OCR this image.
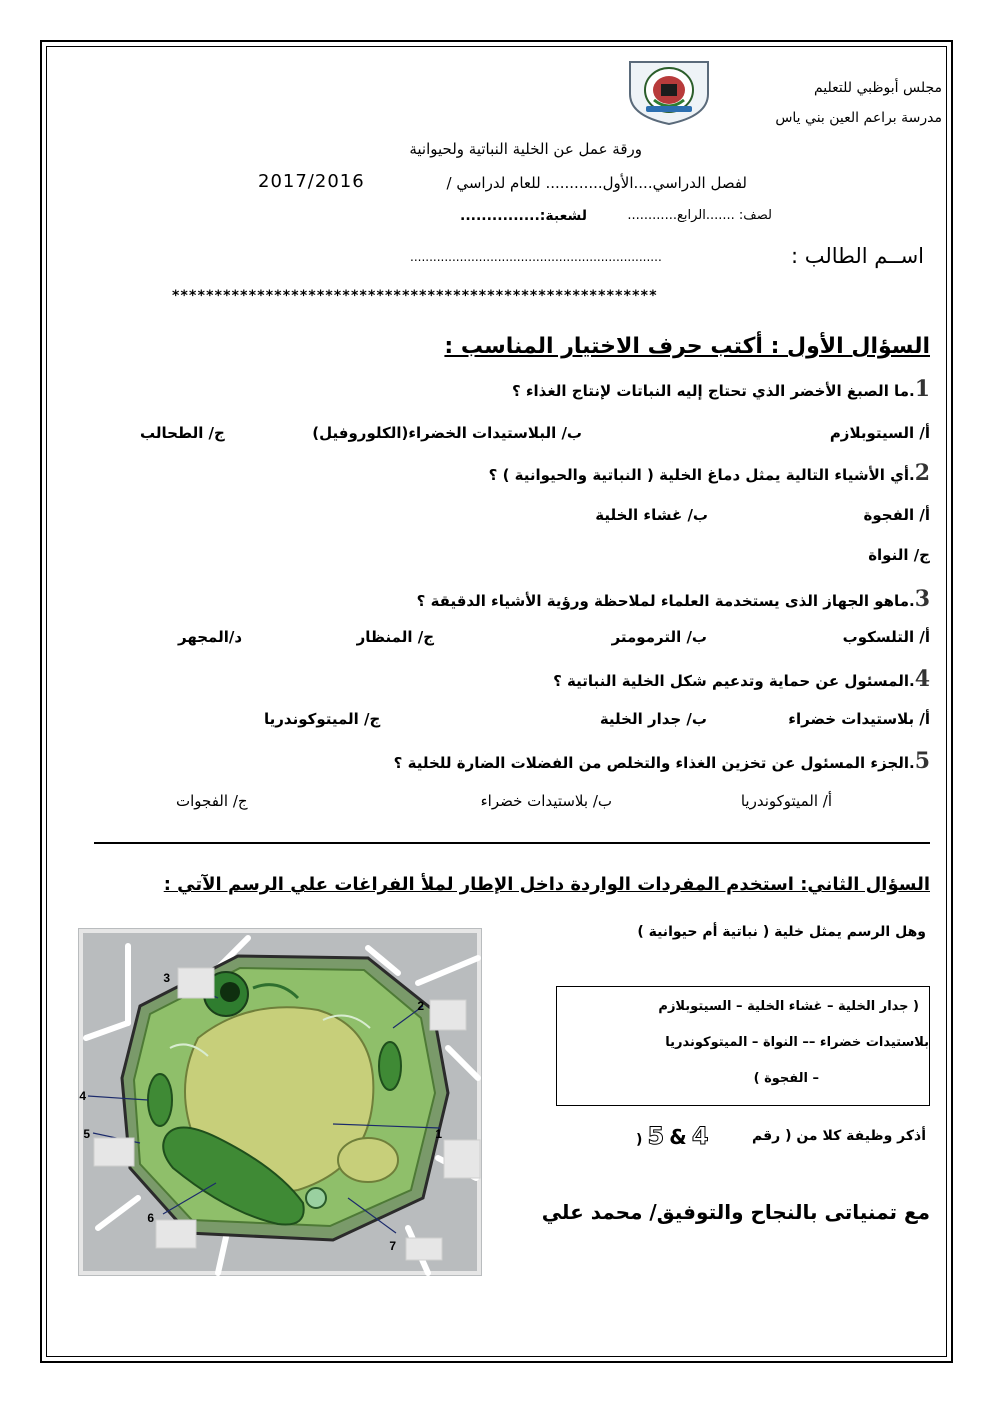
مجلس أبوظبي للتعليم
مدرسة براعم العين بني ياس
ورقة عمل عن الخلية النباتية ولحيوانية
لفصل الدراسي....الأول............ للعام لدراسي /
2017/2016
لصف: .......الرابع............
لشعبة:...............
اســم الطالب :
..................................................................
*********************************************************
السؤال الأول : أكتب حرف الاختيار المناسب :
1.ما الصبغ الأخضر الذي تحتاج إليه النباتات لإنتاج الغذاء ؟
أ/ السيتوبلازم
ب/ البلاستيدات الخضراء(الكلوروفيل)
ج/ الطحالب
2.أي الأشياء التالية يمثل دماغ الخلية ( النباتية والحيوانية ) ؟
أ/ الفجوة
ب/ غشاء الخلية
ج/ النواة
3.ماهو الجهاز الذى يستخدمة العلماء لملاحظة ورؤية الأشياء الدقيقة ؟
أ/ التلسكوب
ب/ الترمومتر
ج/ المنظار
د/المجهر
4.المسئول عن حماية وتدعيم شكل الخلية النباتية ؟
أ/ بلاستيدات خضراء
ب/ جدار الخلية
ج/ الميتوكوندريا
5.الجزء المسئول عن تخزين الغذاء والتخلص من الفضلات الضارة للخلية ؟
أ/ الميتوكوندريا
ب/ بلاستيدات خضراء
ج/ الفجوات
السؤال الثاني: استخدم المفردات الواردة داخل الإطار لملأ الفراغات علي الرسم الآتي :
وهل الرسم يمثل خلية ( نباتية أم حيوانية )
( جدار الخلية – غشاء الخلية – السيتوبلازم
بلاستيدات خضراء –– النواة – الميتوكوندريا
– الفجوة )
أذكر وظيفة كلا من ( رقم
) 5 & 4
مع تمنياتى بالنجاح والتوفيق/ محمد علي
3
2
4
5	1
6
7
